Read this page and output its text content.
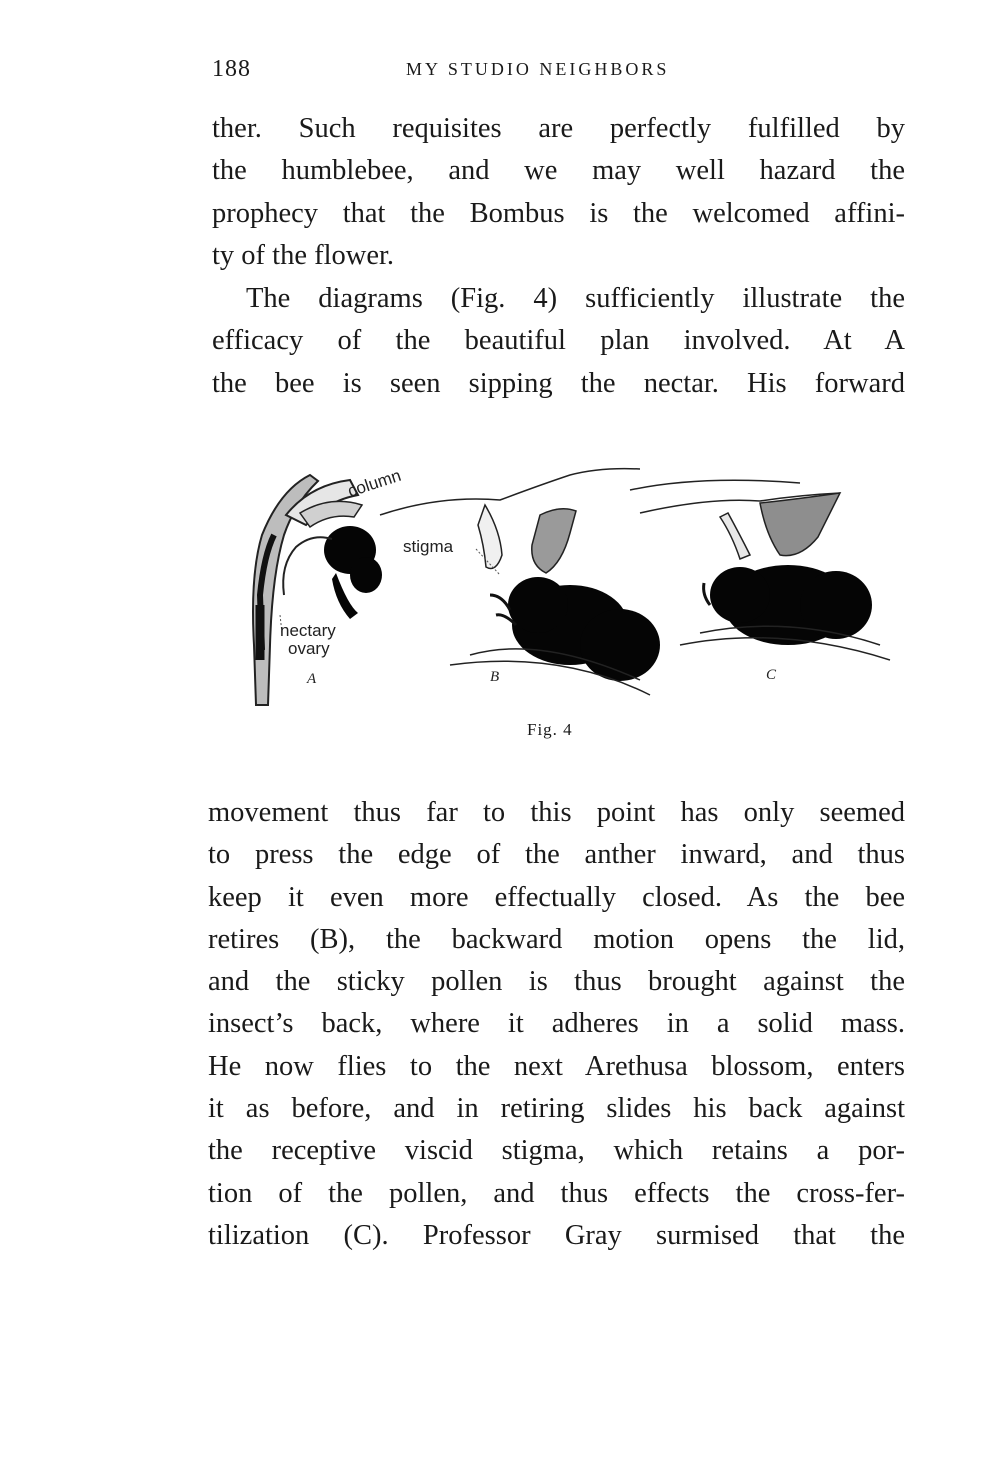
188	MY STUDIO NEIGHBORS

ther. Such requisites are perfectly fulfilled by
the humblebee, and we may well hazard the
prophecy that the Bombus is the welcomed affini-
ty of the flower.

The diagrams (Fig. 4) sufficiently illustrate the
efficacy of the beautiful plan involved. At A
the bee is seen sipping the nectar. His forward

column
stigma
nectary
ovary
A	B	C
Fig. 4

movement thus far to this point has only seemed
to press the edge of the anther inward, and thus
keep it even more effectually closed. As the bee
retires (B), the backward motion opens the lid,
and the sticky pollen is thus brought against the
insect’s back, where it adheres in a solid mass.
He now flies to the next Arethusa blossom, enters
it as before, and in retiring slides his back against
the receptive viscid stigma, which retains a por-
tion of the pollen, and thus effects the cross-fer-
tilization (C). Professor Gray surmised that the
